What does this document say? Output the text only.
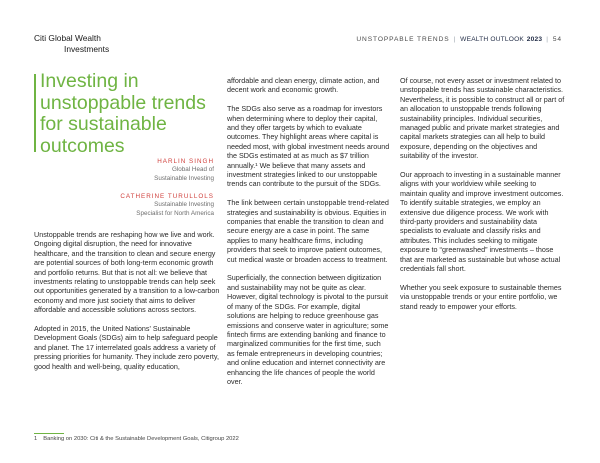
Citi Global Wealth
Investments
UNSTOPPABLE TRENDS | WEALTH OUTLOOK 2023 | 54
Investing in unstoppable trends for sustainable outcomes
HARLIN SINGH
Global Head of
Sustainable Investing
CATHERINE TURULLOLS
Sustainable Investing
Specialist for North America

Unstoppable trends are reshaping how we live and work. Ongoing digital disruption, the need for innovative healthcare, and the transition to clean and secure energy are potential sources of both long-term economic growth and portfolio returns. But that is not all: we believe that investments relating to unstoppable trends can help seek out opportunities generated by a transition to a low-carbon economy and more just society that aims to deliver affordable and accessible solutions across sectors.

Adopted in 2015, the United Nations' Sustainable Development Goals (SDGs) aim to help safeguard people and planet. The 17 interrelated goals address a variety of pressing priorities for humanity. They include zero poverty, good health and well-being, quality education,

affordable and clean energy, climate action, and decent work and economic growth.

The SDGs also serve as a roadmap for investors when determining where to deploy their capital, and they offer targets by which to evaluate outcomes. They highlight areas where capital is needed most, with global investment needs around the SDGs estimated at as much as $7 trillion annually.¹ We believe that many assets and investment strategies linked to our unstoppable trends can contribute to the pursuit of the SDGs.

The link between certain unstoppable trend-related strategies and sustainability is obvious. Equities in companies that enable the transition to clean and secure energy are a case in point. The same applies to many healthcare firms, including providers that seek to improve patient outcomes, cut medical waste or broaden access to treatment.

Superficially, the connection between digitization and sustainability may not be quite as clear. However, digital technology is pivotal to the pursuit of many of the SDGs. For example, digital solutions are helping to reduce greenhouse gas emissions and conserve water in agriculture; some fintech firms are extending banking and finance to marginalized communities for the first time, such as female entrepreneurs in developing countries; and online education and internet connectivity are enhancing the life chances of people the world over.

Of course, not every asset or investment related to unstoppable trends has sustainable characteristics. Nevertheless, it is possible to construct all or part of an allocation to unstoppable trends following sustainability principles. Individual securities, managed public and private market strategies and capital markets strategies can all help to build exposure, depending on the objectives and suitability of the investor.

Our approach to investing in a sustainable manner aligns with your worldview while seeking to maintain quality and improve investment outcomes. To identify suitable strategies, we employ an extensive due diligence process. We work with third-party providers and sustainability data specialists to evaluate and classify risks and attributes. This includes seeking to mitigate exposure to “greenwashed” investments – those that are marketed as sustainable but whose actual credentials fall short.

Whether you seek exposure to sustainable themes via unstoppable trends or your entire portfolio, we stand ready to empower your efforts.

1 Banking on 2030: Citi & the Sustainable Development Goals, Citigroup 2022
